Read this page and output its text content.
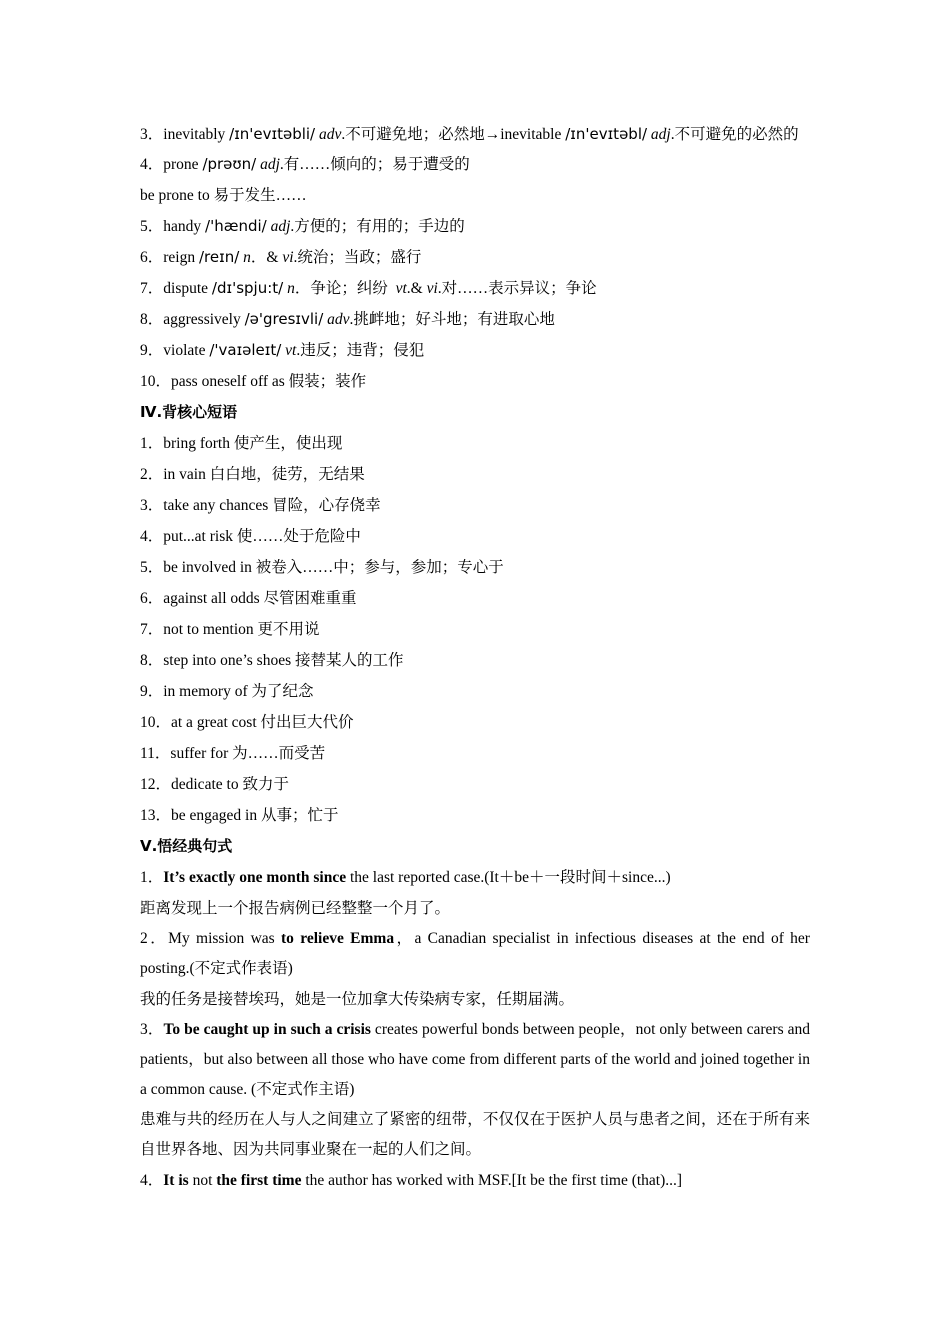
3．inevitably /ɪn'evɪtəbli/ adv.不可避免地；必然地→inevitable /ɪn'evɪtəbl/ adj.不可避免的必然的
4．prone /prəʊn/ adj.有……倾向的；易于遭受的
be prone to 易于发生……
5．handy /'hændi/ adj.方便的；有用的；手边的
6．reign /reɪn/ n．& vi.统治；当政；盛行
7．dispute /dɪ'spju:t/ n．争论；纠纷  vt.& vi.对……表示异议；争论
8．aggressively /ə'gresɪvli/ adv.挑衅地；好斗地；有进取心地
9．violate /'vaɪəleɪt/ vt.违反；违背；侵犯
10．pass oneself off as 假装；装作
Ⅳ.背核心短语
1．bring forth 使产生，使出现
2．in vain 白白地，徒劳，无结果
3．take any chances 冒险，心存侥幸
4．put...at risk 使……处于危险中
5．be involved in 被卷入……中；参与，参加；专心于
6．against all odds 尽管困难重重
7．not to mention 更不用说
8．step into one’s shoes 接替某人的工作
9．in memory of 为了纪念
10．at a great cost 付出巨大代价
11．suffer for 为……而受苦
12．dedicate to 致力于
13．be engaged in 从事；忙于
Ⅴ.悟经典句式
1．It’s exactly one month since the last reported case.(It＋be＋一段时间＋since...)
距离发现上一个报告病例已经整整一个月了。
2．My mission was to relieve Emma，a Canadian specialist in infectious diseases at the end of her posting.(不定式作表语)
我的任务是接替埃玛，她是一位加拿大传染病专家，任期届满。
3．To be caught up in such a crisis creates powerful bonds between people，not only between carers and patients，but also between all those who have come from different parts of the world and joined together in a common cause. (不定式作主语)
患难与共的经历在人与人之间建立了紧密的纽带，不仅仅在于医护人员与患者之间，还在于所有来自世界各地、因为共同事业聚在一起的人们之间。
4．It is not the first time the author has worked with MSF.[It be the first time (that)...]
